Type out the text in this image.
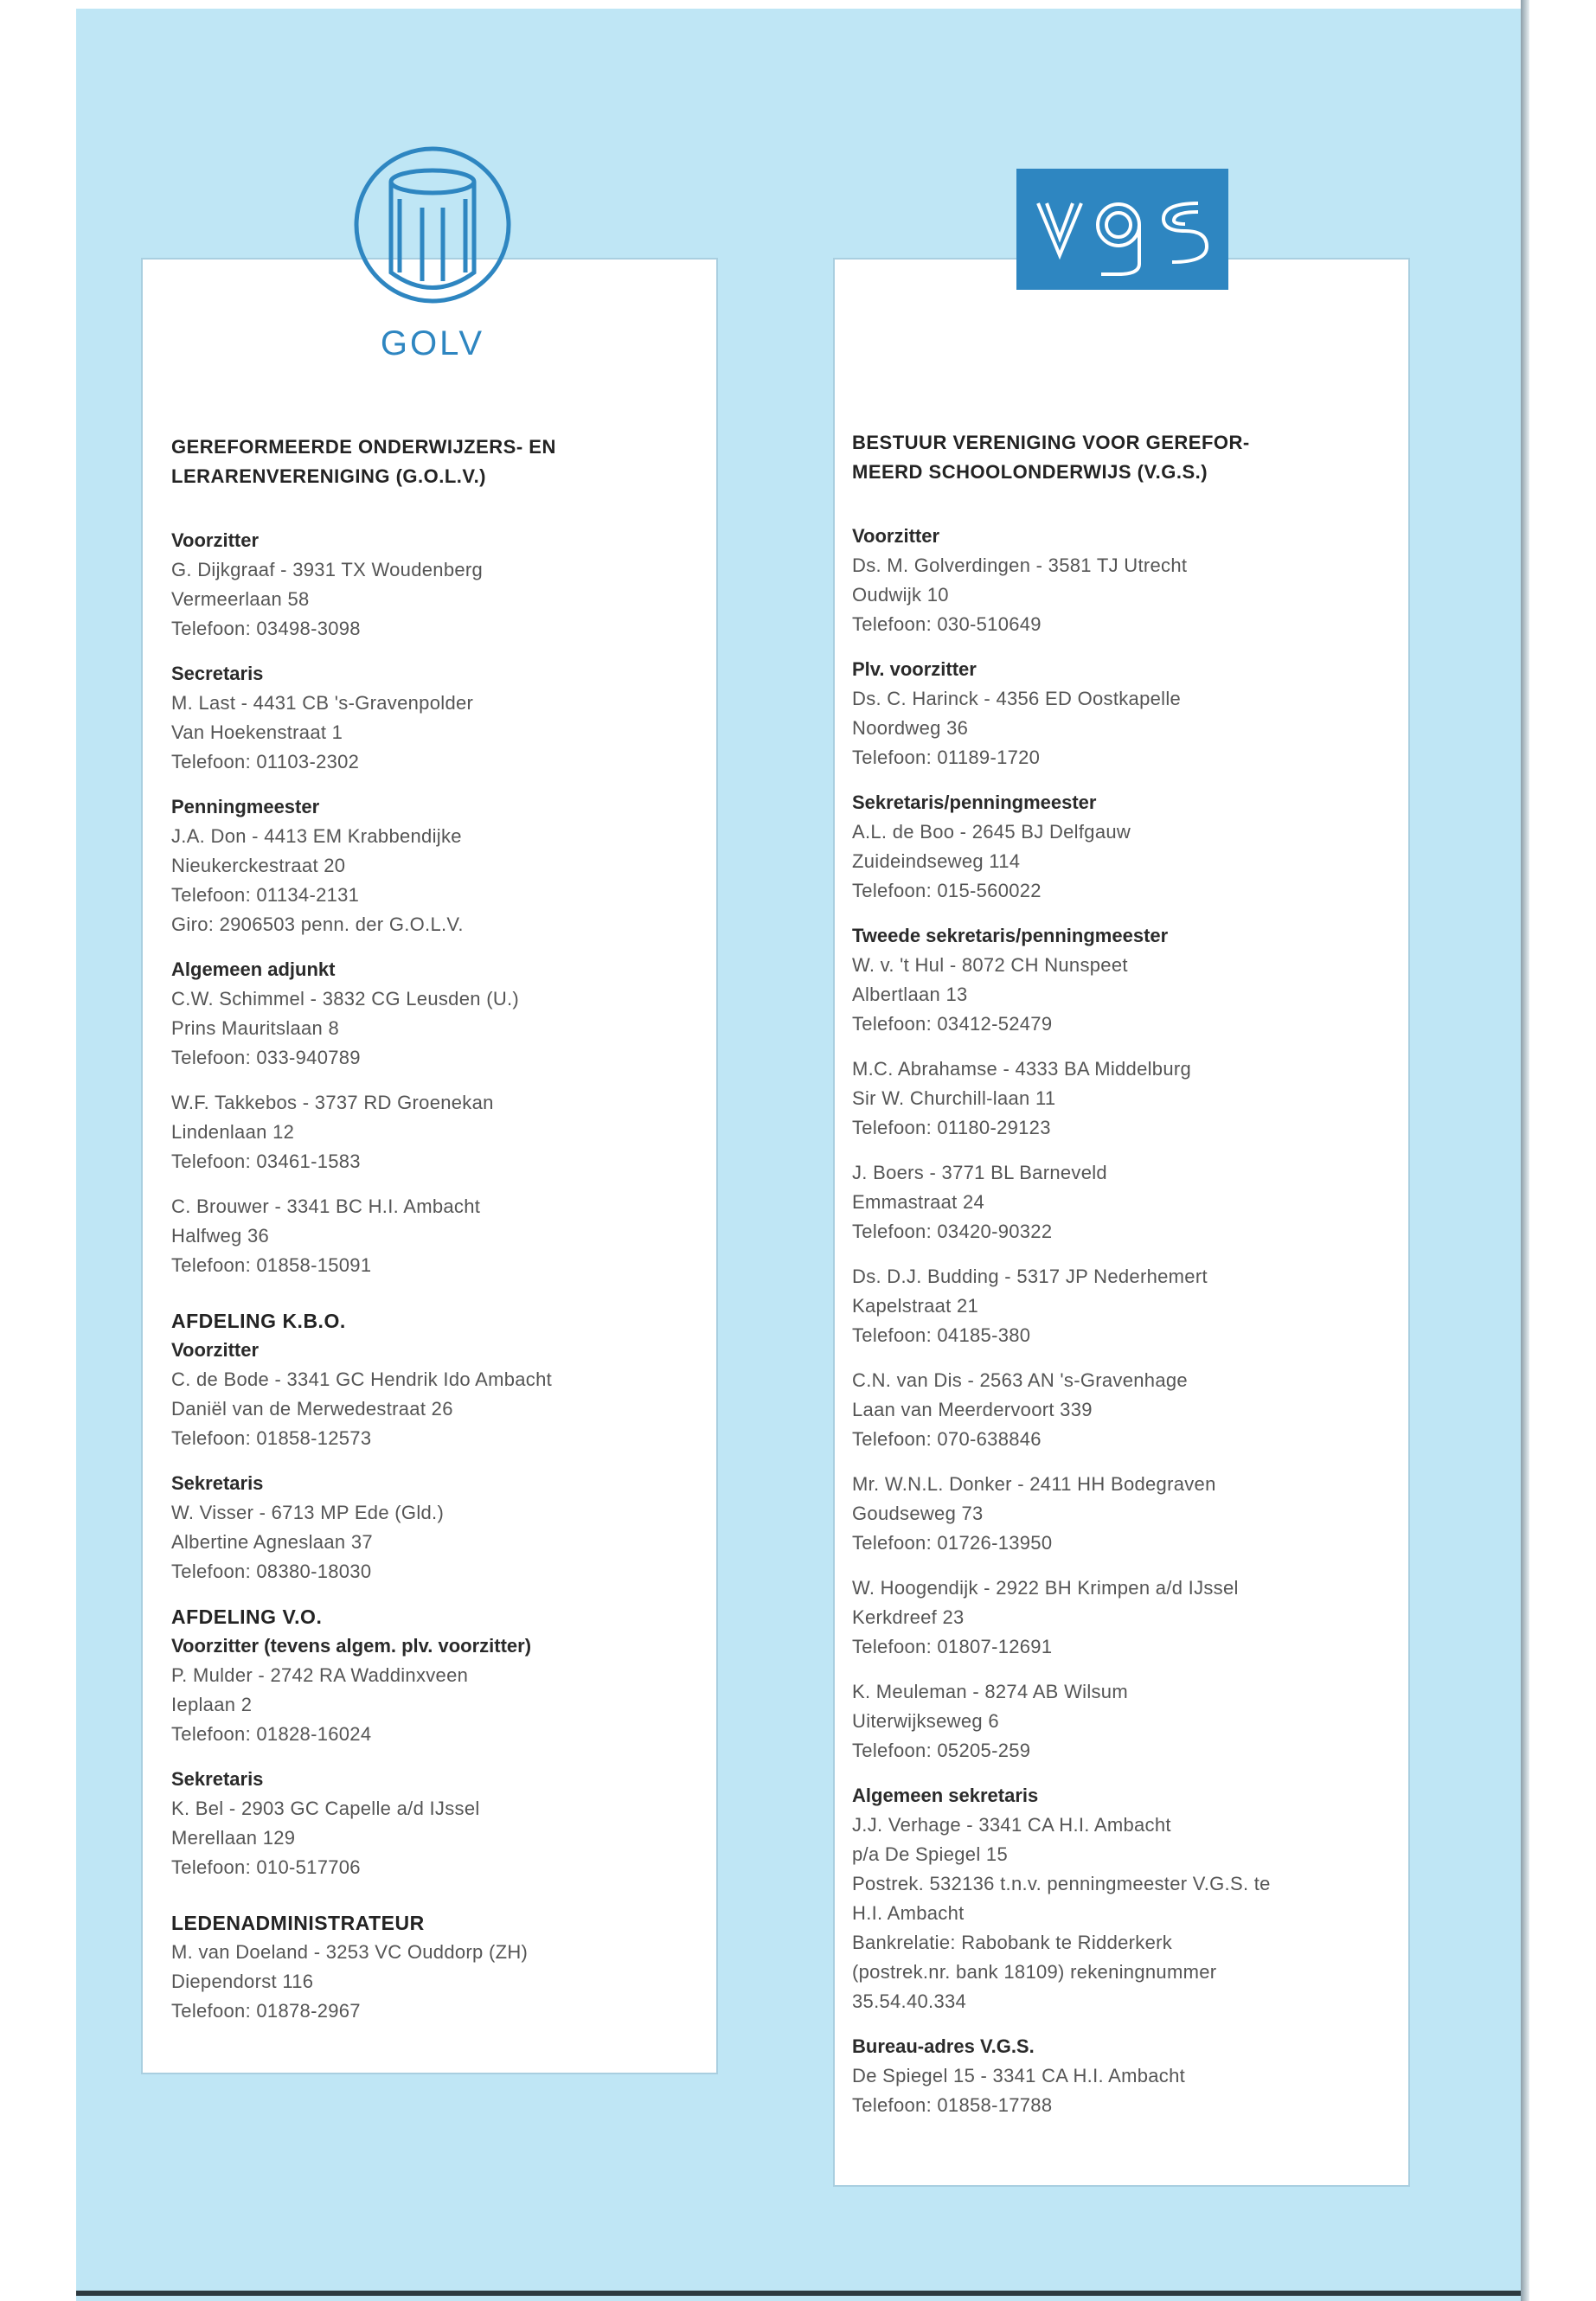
GOLV
vgs
GEREFORMEERDE ONDERWIJZERS- EN
LERARENVERENIGING (G.O.L.V.)
Voorzitter
G. Dijkgraaf - 3931 TX Woudenberg
Vermeerlaan 58
Telefoon: 03498-3098
Secretaris
M. Last - 4431 CB 's-Gravenpolder
Van Hoekenstraat 1
Telefoon: 01103-2302
Penningmeester
J.A. Don - 4413 EM Krabbendijke
Nieukerckestraat 20
Telefoon: 01134-2131
Giro: 2906503 penn. der G.O.L.V.
Algemeen adjunkt
C.W. Schimmel - 3832 CG Leusden (U.)
Prins Mauritslaan 8
Telefoon: 033-940789
W.F. Takkebos - 3737 RD Groenekan
Lindenlaan 12
Telefoon: 03461-1583
C. Brouwer - 3341 BC H.I. Ambacht
Halfweg 36
Telefoon: 01858-15091
AFDELING K.B.O.
Voorzitter
C. de Bode - 3341 GC Hendrik Ido Ambacht
Daniël van de Merwedestraat 26
Telefoon: 01858-12573
Sekretaris
W. Visser - 6713 MP Ede (Gld.)
Albertine Agneslaan 37
Telefoon: 08380-18030
AFDELING V.O.
Voorzitter (tevens algem. plv. voorzitter)
P. Mulder - 2742 RA Waddinxveen
Ieplaan 2
Telefoon: 01828-16024
Sekretaris
K. Bel - 2903 GC Capelle a/d IJssel
Merellaan 129
Telefoon: 010-517706
LEDENADMINISTRATEUR
M. van Doeland - 3253 VC Ouddorp (ZH)
Diependorst 116
Telefoon: 01878-2967
BESTUUR VERENIGING VOOR GEREFOR-
MEERD SCHOOLONDERWIJS (V.G.S.)
Voorzitter
Ds. M. Golverdingen - 3581 TJ Utrecht
Oudwijk 10
Telefoon: 030-510649
Plv. voorzitter
Ds. C. Harinck - 4356 ED Oostkapelle
Noordweg 36
Telefoon: 01189-1720
Sekretaris/penningmeester
A.L. de Boo - 2645 BJ Delfgauw
Zuideindseweg 114
Telefoon: 015-560022
Tweede sekretaris/penningmeester
W. v. 't Hul - 8072 CH Nunspeet
Albertlaan 13
Telefoon: 03412-52479
M.C. Abrahamse - 4333 BA Middelburg
Sir W. Churchill-laan 11
Telefoon: 01180-29123
J. Boers - 3771 BL Barneveld
Emmastraat 24
Telefoon: 03420-90322
Ds. D.J. Budding - 5317 JP Nederhemert
Kapelstraat 21
Telefoon: 04185-380
C.N. van Dis - 2563 AN 's-Gravenhage
Laan van Meerdervoort 339
Telefoon: 070-638846
Mr. W.N.L. Donker - 2411 HH Bodegraven
Goudseweg 73
Telefoon: 01726-13950
W. Hoogendijk - 2922 BH Krimpen a/d IJssel
Kerkdreef 23
Telefoon: 01807-12691
K. Meuleman - 8274 AB Wilsum
Uiterwijkseweg 6
Telefoon: 05205-259
Algemeen sekretaris
J.J. Verhage - 3341 CA H.I. Ambacht
p/a De Spiegel 15
Postrek. 532136 t.n.v. penningmeester V.G.S. te
H.I. Ambacht
Bankrelatie: Rabobank te Ridderkerk
(postrek.nr. bank 18109) rekeningnummer
35.54.40.334
Bureau-adres V.G.S.
De Spiegel 15 - 3341 CA H.I. Ambacht
Telefoon: 01858-17788
